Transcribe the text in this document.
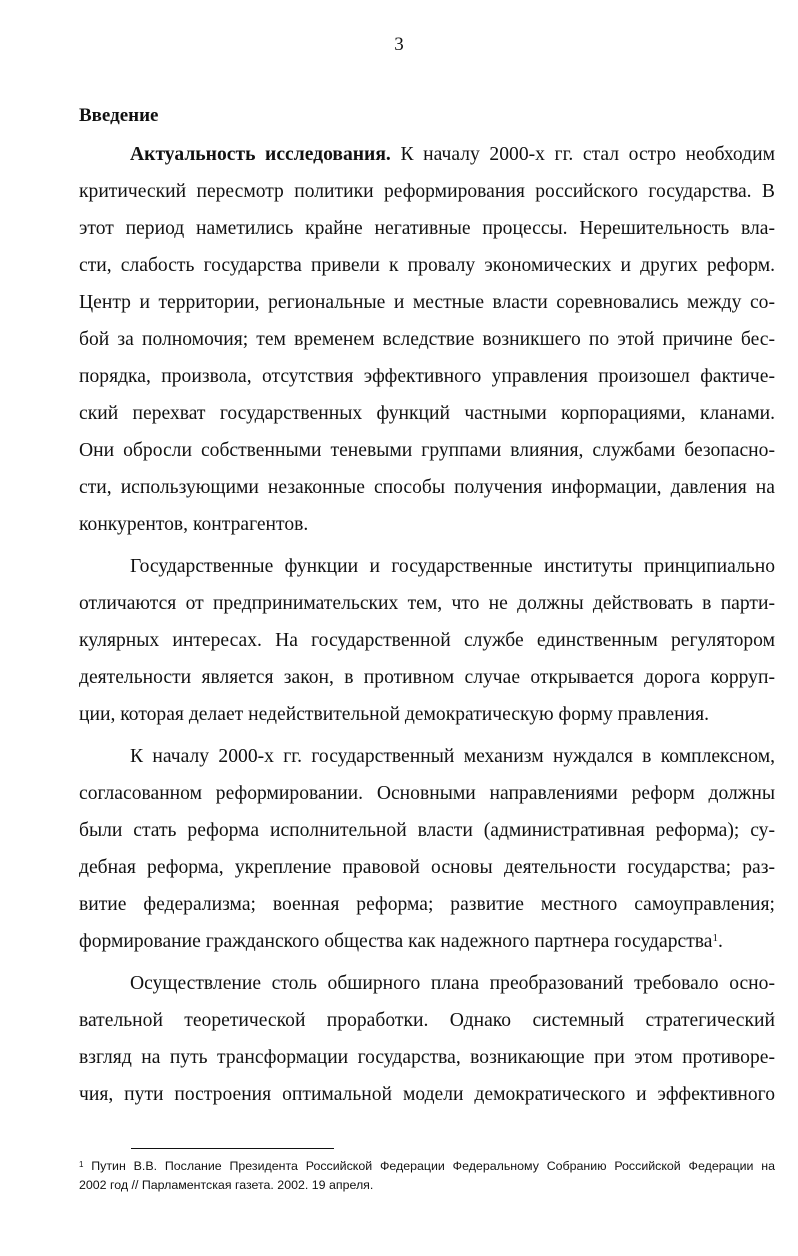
3
Введение
Актуальность исследования. К началу 2000-х гг. стал остро необходим
критический пересмотр политики реформирования российского государства. В
этот период наметились крайне негативные процессы. Нерешительность вла-
сти, слабость государства привели к провалу экономических и других реформ.
Центр и территории, региональные и местные власти соревновались между со-
бой за полномочия; тем временем вследствие возникшего по этой причине бес-
порядка, произвола, отсутствия эффективного управления произошел фактиче-
ский перехват государственных функций частными корпорациями, кланами.
Они обросли собственными теневыми группами влияния, службами безопасно-
сти, использующими незаконные способы получения информации, давления на
конкурентов, контрагентов.
Государственные функции и государственные институты принципиально
отличаются от предпринимательских тем, что не должны действовать в парти-
кулярных интересах. На государственной службе единственным регулятором
деятельности является закон, в противном случае открывается дорога корруп-
ции, которая делает недействительной демократическую форму правления.
К началу 2000-х гг. государственный механизм нуждался в комплексном,
согласованном реформировании. Основными направлениями реформ должны
были стать реформа исполнительной власти (административная реформа); су-
дебная реформа, укрепление правовой основы деятельности государства; раз-
витие федерализма; военная реформа; развитие местного самоуправления;
формирование гражданского общества как надежного партнера государства$^1$.
Осуществление столь обширного плана преобразований требовало осно-
вательной теоретической проработки. Однако системный стратегический
взгляд на путь трансформации государства, возникающие при этом противоре-
чия, пути построения оптимальной модели демократического и эффективного
$^1$ Путин В.В. Послание Президента Российской Федерации Федеральному Собранию Российской Федерации на
2002 год // Парламентская газета. 2002. 19 апреля.
